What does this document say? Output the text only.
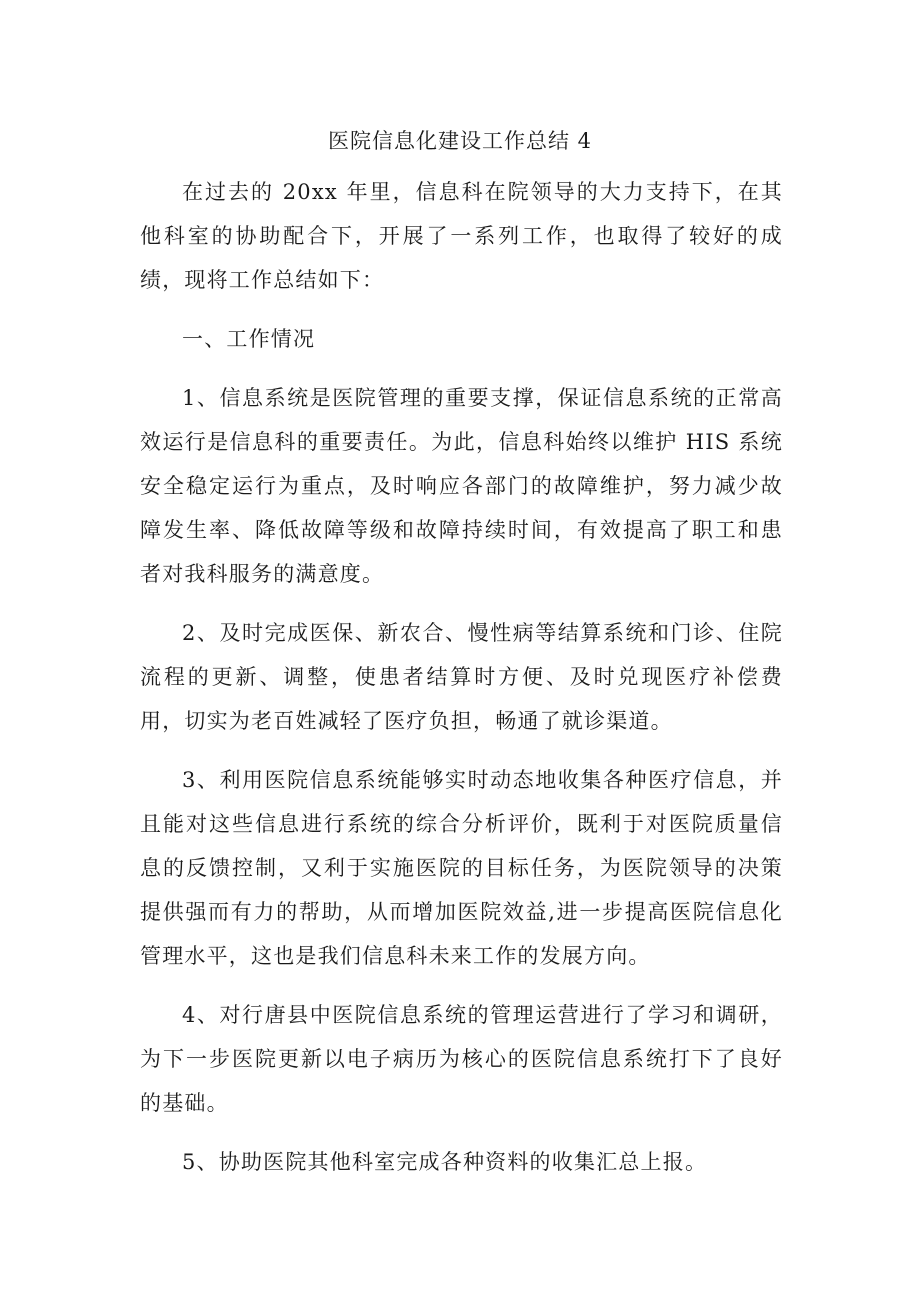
医院信息化建设工作总结 4

在过去的 20xx 年里，信息科在院领导的大力支持下，在其他科室的协助配合下，开展了一系列工作，也取得了较好的成绩，现将工作总结如下：

一、工作情况

1、信息系统是医院管理的重要支撑，保证信息系统的正常高效运行是信息科的重要责任。为此，信息科始终以维护 HIS 系统安全稳定运行为重点，及时响应各部门的故障维护，努力减少故障发生率、降低故障等级和故障持续时间，有效提高了职工和患者对我科服务的满意度。

2、及时完成医保、新农合、慢性病等结算系统和门诊、住院流程的更新、调整，使患者结算时方便、及时兑现医疗补偿费用，切实为老百姓减轻了医疗负担，畅通了就诊渠道。

3、利用医院信息系统能够实时动态地收集各种医疗信息，并且能对这些信息进行系统的综合分析评价，既利于对医院质量信息的反馈控制，又利于实施医院的目标任务，为医院领导的决策提供强而有力的帮助，从而增加医院效益,进一步提高医院信息化管理水平，这也是我们信息科未来工作的发展方向。

4、对行唐县中医院信息系统的管理运营进行了学习和调研，为下一步医院更新以电子病历为核心的医院信息系统打下了良好的基础。

5、协助医院其他科室完成各种资料的收集汇总上报。
